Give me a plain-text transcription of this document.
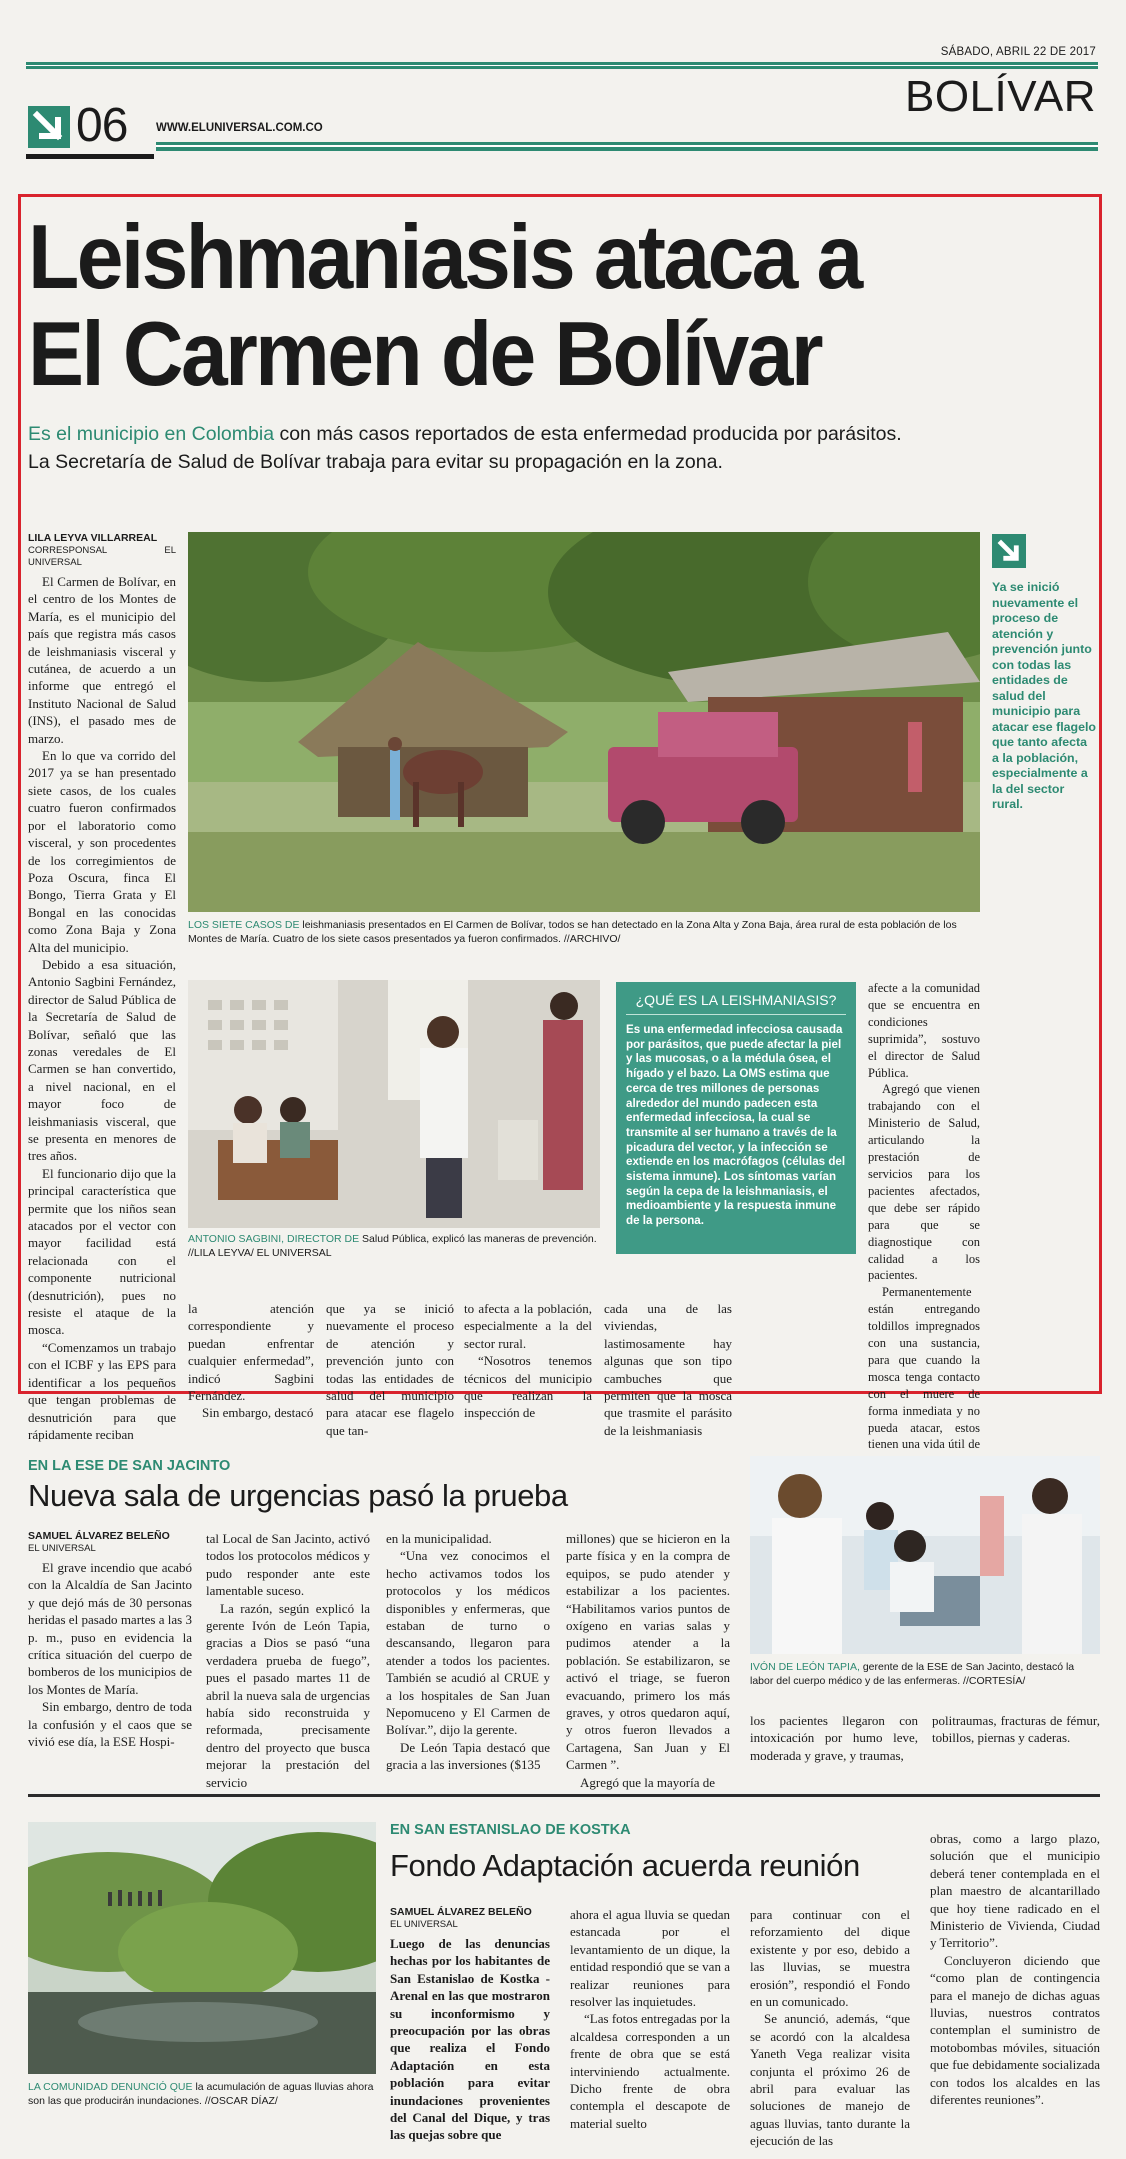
SÁBADO, ABRIL 22 DE 2017
06 WWW.ELUNIVERSAL.COM.CO
BOLÍVAR
Leishmaniasis ataca a
El Carmen de Bolívar
Es el municipio en Colombia con más casos reportados de esta enfermedad producida por parásitos.
La Secretaría de Salud de Bolívar trabaja para evitar su propagación en la zona.
LILA LEYVA VILLARREAL
CORRESPONSAL EL UNIVERSAL

El Carmen de Bolívar, en el centro de los Montes de María, es el municipio del país que registra más casos de leishmaniasis visceral y cutánea, de acuerdo a un informe que entregó el Instituto Nacional de Salud (INS), el pasado mes de marzo.

En lo que va corrido del 2017 ya se han presentado siete casos, de los cuales cuatro fueron confirmados por el laboratorio como visceral, y son procedentes de los corregimientos de Poza Oscura, finca El Bongo, Tierra Grata y El Bongal en las conocidas como Zona Baja y Zona Alta del municipio.

Debido a esa situación, Antonio Sagbini Fernández, director de Salud Pública de la Secretaría de Salud de Bolívar, señaló que las zonas veredales de El Carmen se han convertido, a nivel nacional, en el mayor foco de leishmaniasis visceral, que se presenta en menores de tres años.

El funcionario dijo que la principal característica que permite que los niños sean atacados por el vector con mayor facilidad está relacionada con el componente nutricional (desnutrición), pues no resiste el ataque de la mosca.

“Comenzamos un trabajo con el ICBF y las EPS para identificar a los pequeños que tengan problemas de desnutrición para que rápidamente reciban

LOS SIETE CASOS DE leishmaniasis presentados en El Carmen de Bolívar, todos se han detectado en la Zona Alta y Zona Baja, área rural de esta población de los Montes de María. Cuatro de los siete casos presentados ya fueron confirmados. //ARCHIVO/
Ya se inició nuevamente el proceso de atención y prevención junto con todas las entidades de salud del municipio para atacar ese flagelo que tanto afecta a la población, especialmente a la del sector rural.
ANTONIO SAGBINI, DIRECTOR DE Salud Pública, explicó las maneras de prevención. //LILA LEYVA/ EL UNIVERSAL
¿QUÉ ES LA LEISHMANIASIS?
Es una enfermedad infecciosa causada por parásitos, que puede afectar la piel y las mucosas, o a la médula ósea, el hígado y el bazo. La OMS estima que cerca de tres millones de personas alrededor del mundo padecen esta enfermedad infecciosa, la cual se transmite al ser humano a través de la picadura del vector, y la infección se extiende en los macrófagos (células del sistema inmune). Los síntomas varían según la cepa de la leishmaniasis, el medioambiente y la respuesta inmune de la persona.

afecte a la comunidad que se encuentra en condiciones suprimida”, sostuvo el director de Salud Pública.

Agregó que vienen trabajando con el Ministerio de Salud, articulando la prestación de servicios para los pacientes afectados, que debe ser rápido para que se diagnostique con calidad a los pacientes.

Permanentemente están entregando toldillos impregnados con una sustancia, para que cuando la mosca tenga contacto con el muere de forma inmediata y no pueda atacar, estos tienen una vida útil de

la atención correspondiente y puedan enfrentar cualquier enfermedad”, indicó Sagbini Fernández.

Sin embargo, destacó

que ya se inició nuevamente el proceso de atención y prevención junto con todas las entidades de salud del municipio para atacar ese flagelo que tan-

to afecta a la población, especialmente a la del sector rural.

“Nosotros tenemos técnicos del municipio que realizan la inspección de

cada una de las viviendas, lastimosamente hay algunas que son tipo cambuches que permiten que la mosca que trasmite el parásito de la leishmaniasis

EN LA ESE DE SAN JACINTO
Nueva sala de urgencias pasó la prueba
SAMUEL ÁLVAREZ BELEÑO
EL UNIVERSAL

El grave incendio que acabó con la Alcaldía de San Jacinto y que dejó más de 30 personas heridas el pasado martes a las 3 p. m., puso en evidencia la crítica situación del cuerpo de bomberos de los municipios de los Montes de María.

Sin embargo, dentro de toda la confusión y el caos que se vivió ese día, la ESE Hospi-

tal Local de San Jacinto, activó todos los protocolos médicos y pudo responder ante este lamentable suceso.

La razón, según explicó la gerente Ivón de León Tapia, gracias a Dios se pasó “una verdadera prueba de fuego”, pues el pasado martes 11 de abril la nueva sala de urgencias había sido reconstruida y reformada, precisamente dentro del proyecto que busca mejorar la prestación del servicio

en la municipalidad.

“Una vez conocimos el hecho activamos todos los protocolos y los médicos disponibles y enfermeras, que estaban de turno o descansando, llegaron para atender a todos los pacientes. También se acudió al CRUE y a los hospitales de San Juan Nepomuceno y El Carmen de Bolívar.”, dijo la gerente.

De León Tapia destacó que gracia a las inversiones ($135

millones) que se hicieron en la parte física y en la compra de equipos, se pudo atender y estabilizar a los pacientes. “Habilitamos varios puntos de oxígeno en varias salas y pudimos atender a la población. Se estabilizaron, se activó el triage, se fueron evacuando, primero los más graves, y otros quedaron aquí, y otros fueron llevados a Cartagena, San Juan y El Carmen ”.

Agregó que la mayoría de

IVÓN DE LEÓN TAPIA, gerente de la ESE de San Jacinto, destacó la labor del cuerpo médico y de las enfermeras. //CORTESÍA/

los pacientes llegaron con intoxicación por humo leve, moderada y grave, y traumas,

politraumas, fracturas de fémur, tobillos, piernas y caderas.

LA COMUNIDAD DENUNCIÓ QUE la acumulación de aguas lluvias ahora son las que producirán inundaciones. //OSCAR DÍAZ/
EN SAN ESTANISLAO DE KOSTKA
Fondo Adaptación acuerda reunión
SAMUEL ÁLVAREZ BELEÑO
EL UNIVERSAL

Luego de las denuncias hechas por los habitantes de San Estanislao de Kostka - Arenal en las que mostraron su inconformismo y preocupación por las obras que realiza el Fondo Adaptación en esta población para evitar inundaciones provenientes del Canal del Dique, y tras las quejas sobre que

ahora el agua lluvia se quedan estancada por el levantamiento de un dique, la entidad respondió que se van a realizar reuniones para resolver las inquietudes.

“Las fotos entregadas por la alcaldesa corresponden a un frente de obra que se está interviniendo actualmente. Dicho frente de obra contempla el descapote de material suelto

para continuar con el reforzamiento del dique existente y por eso, debido a las lluvias, se muestra erosión”, respondió el Fondo en un comunicado.

Se anunció, además, “que se acordó con la alcaldesa Yaneth Vega realizar visita conjunta el próximo 26 de abril para evaluar las soluciones de manejo de aguas lluvias, tanto durante la ejecución de las

obras, como a largo plazo, solución que el municipio deberá tener contemplada en el plan maestro de alcantarillado que hoy tiene radicado en el Ministerio de Vivienda, Ciudad y Territorio”.

Concluyeron diciendo que “como plan de contingencia para el manejo de dichas aguas lluvias, nuestros contratos contemplan el suministro de motobombas móviles, situación que fue debidamente socializada con todos los alcaldes en las diferentes reuniones”.
